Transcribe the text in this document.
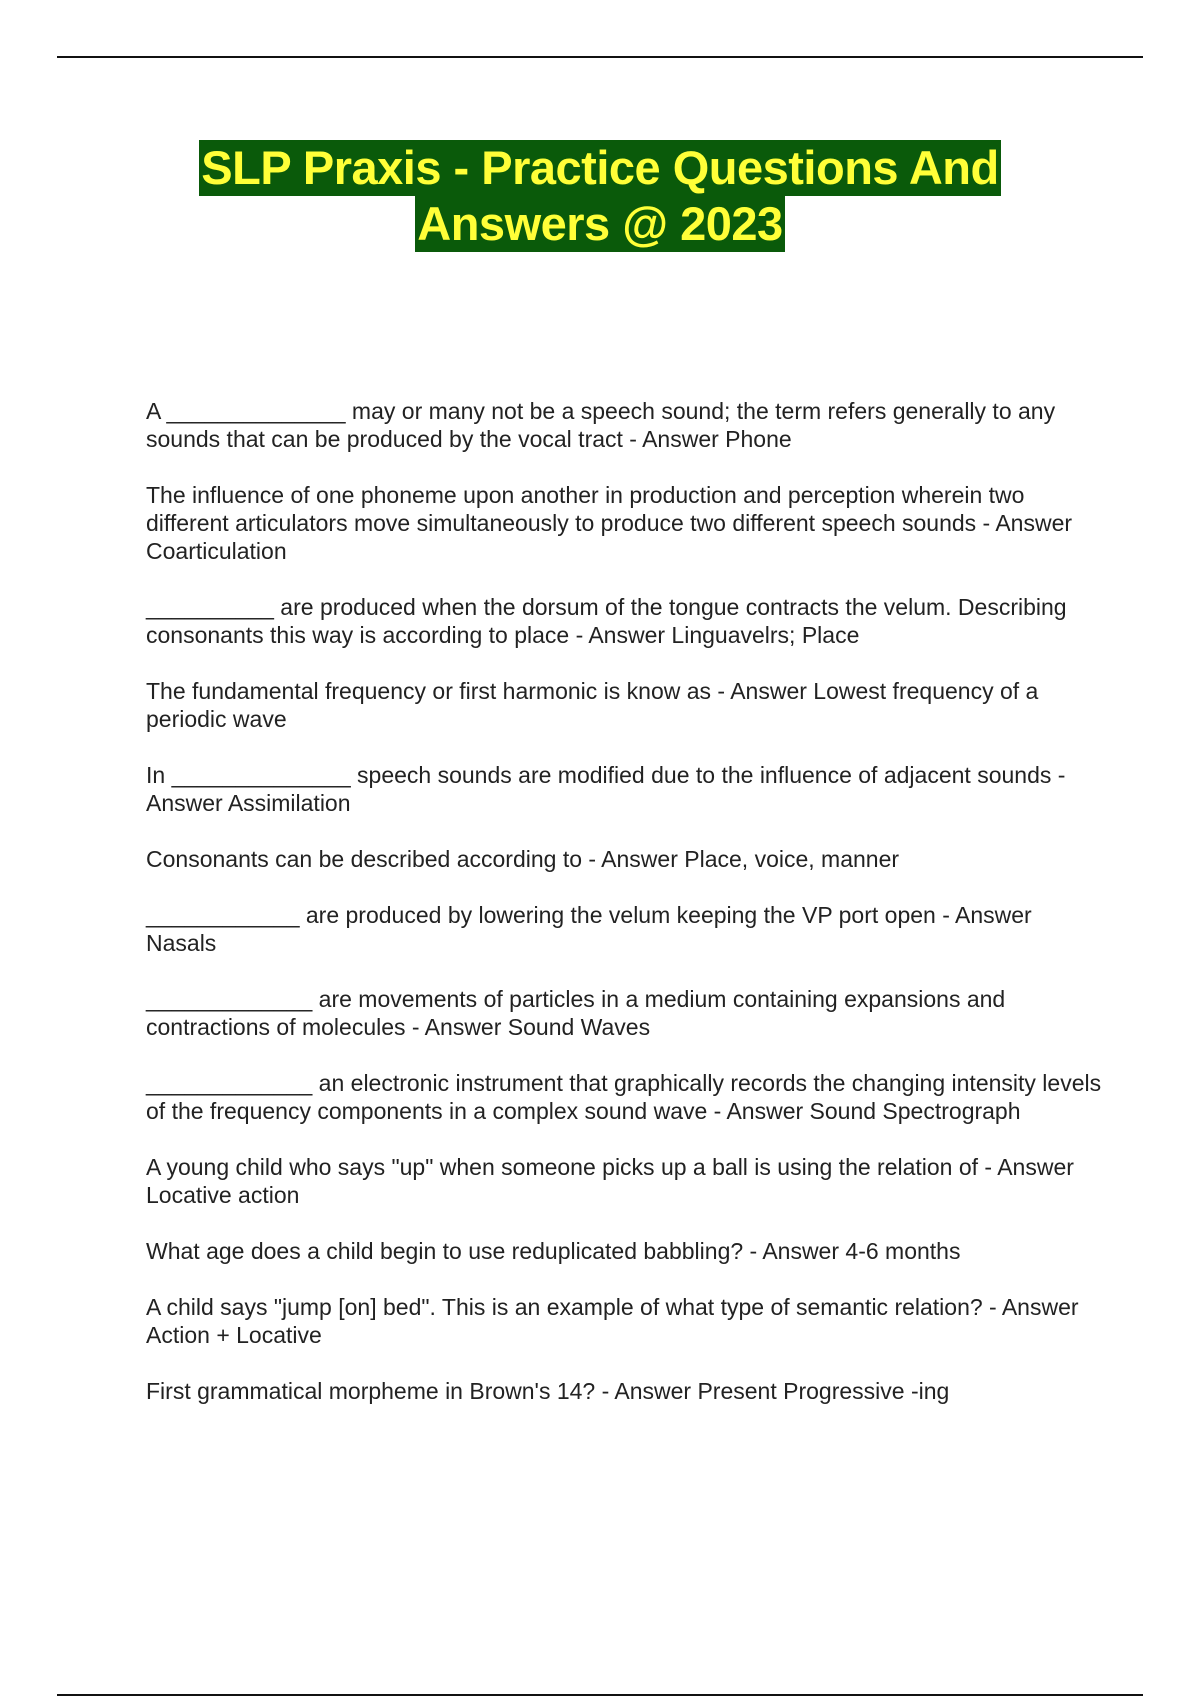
SLP Praxis - Practice Questions And
Answers @ 2023
A ______________ may or many not be a speech sound; the term refers generally to any sounds that can be produced by the vocal tract - Answer Phone
The influence of one phoneme upon another in production and perception wherein two different articulators move simultaneously to produce two different speech sounds - Answer Coarticulation
__________ are produced when the dorsum of the tongue contracts the velum. Describing consonants this way is according to place - Answer Linguavelrs; Place
The fundamental frequency or first harmonic is know as - Answer Lowest frequency of a periodic wave
In ______________ speech sounds are modified due to the influence of adjacent sounds - Answer Assimilation
Consonants can be described according to - Answer Place, voice, manner
____________ are produced by lowering the velum keeping the VP port open - Answer Nasals
_____________ are movements of particles in a medium containing expansions and contractions of molecules - Answer Sound Waves
_____________ an electronic instrument that graphically records the changing intensity levels of the frequency components in a complex sound wave - Answer Sound Spectrograph
A young child who says "up" when someone picks up a ball is using the relation of - Answer Locative action
What age does a child begin to use reduplicated babbling? - Answer 4-6 months
A child says "jump [on] bed". This is an example of what type of semantic relation? - Answer Action + Locative
First grammatical morpheme in Brown's 14? - Answer Present Progressive -ing
